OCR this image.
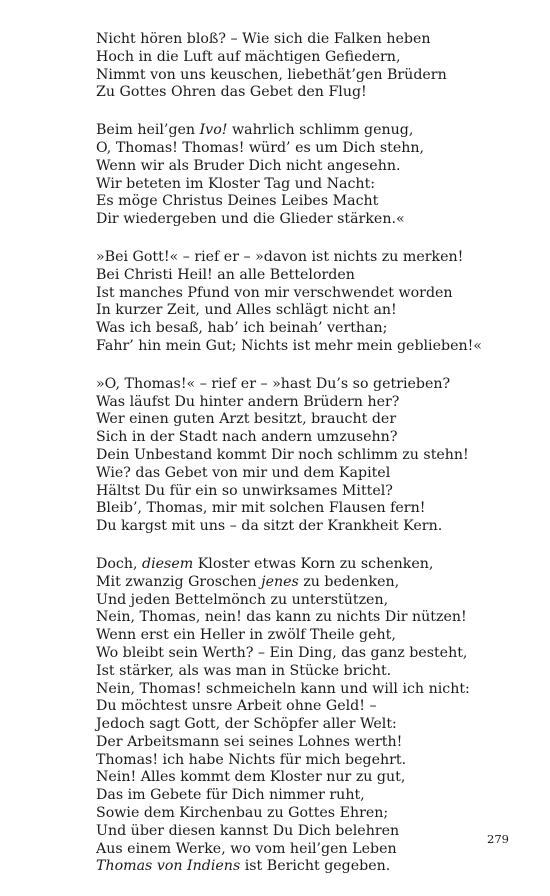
Nicht hören bloß? – Wie sich die Falken heben
Hoch in die Luft auf mächtigen Gefiedern,
Nimmt von uns keuschen, liebethät’gen Brüdern
Zu Gottes Ohren das Gebet den Flug!
Beim heil’gen Ivo! wahrlich schlimm genug,
O, Thomas! Thomas! würd’ es um Dich stehn,
Wenn wir als Bruder Dich nicht angesehn.
Wir beteten im Kloster Tag und Nacht:
Es möge Christus Deines Leibes Macht
Dir wiedergeben und die Glieder stärken.«
»Bei Gott!« – rief er – »davon ist nichts zu merken!
Bei Christi Heil! an alle Bettelorden
Ist manches Pfund von mir verschwendet worden
In kurzer Zeit, und Alles schlägt nicht an!
Was ich besaß, hab’ ich beinah’ verthan;
Fahr’ hin mein Gut; Nichts ist mehr mein geblieben!«
»O, Thomas!« – rief er – »hast Du’s so getrieben?
Was läufst Du hinter andern Brüdern her?
Wer einen guten Arzt besitzt, braucht der
Sich in der Stadt nach andern umzusehn?
Dein Unbestand kommt Dir noch schlimm zu stehn!
Wie? das Gebet von mir und dem Kapitel
Hältst Du für ein so unwirksames Mittel?
Bleib’, Thomas, mir mit solchen Flausen fern!
Du kargst mit uns – da sitzt der Krankheit Kern.
Doch, diesem Kloster etwas Korn zu schenken,
Mit zwanzig Groschen jenes zu bedenken,
Und jeden Bettelmönch zu unterstützen,
Nein, Thomas, nein! das kann zu nichts Dir nützen!
Wenn erst ein Heller in zwölf Theile geht,
Wo bleibt sein Werth? – Ein Ding, das ganz besteht,
Ist stärker, als was man in Stücke bricht.
Nein, Thomas! schmeicheln kann und will ich nicht:
Du möchtest unsre Arbeit ohne Geld! –
Jedoch sagt Gott, der Schöpfer aller Welt:
Der Arbeitsmann sei seines Lohnes werth!
Thomas! ich habe Nichts für mich begehrt.
Nein! Alles kommt dem Kloster nur zu gut,
Das im Gebete für Dich nimmer ruht,
Sowie dem Kirchenbau zu Gottes Ehren;
Und über diesen kannst Du Dich belehren
Aus einem Werke, wo vom heil’gen Leben
Thomas von Indiens ist Bericht gegeben.
279
